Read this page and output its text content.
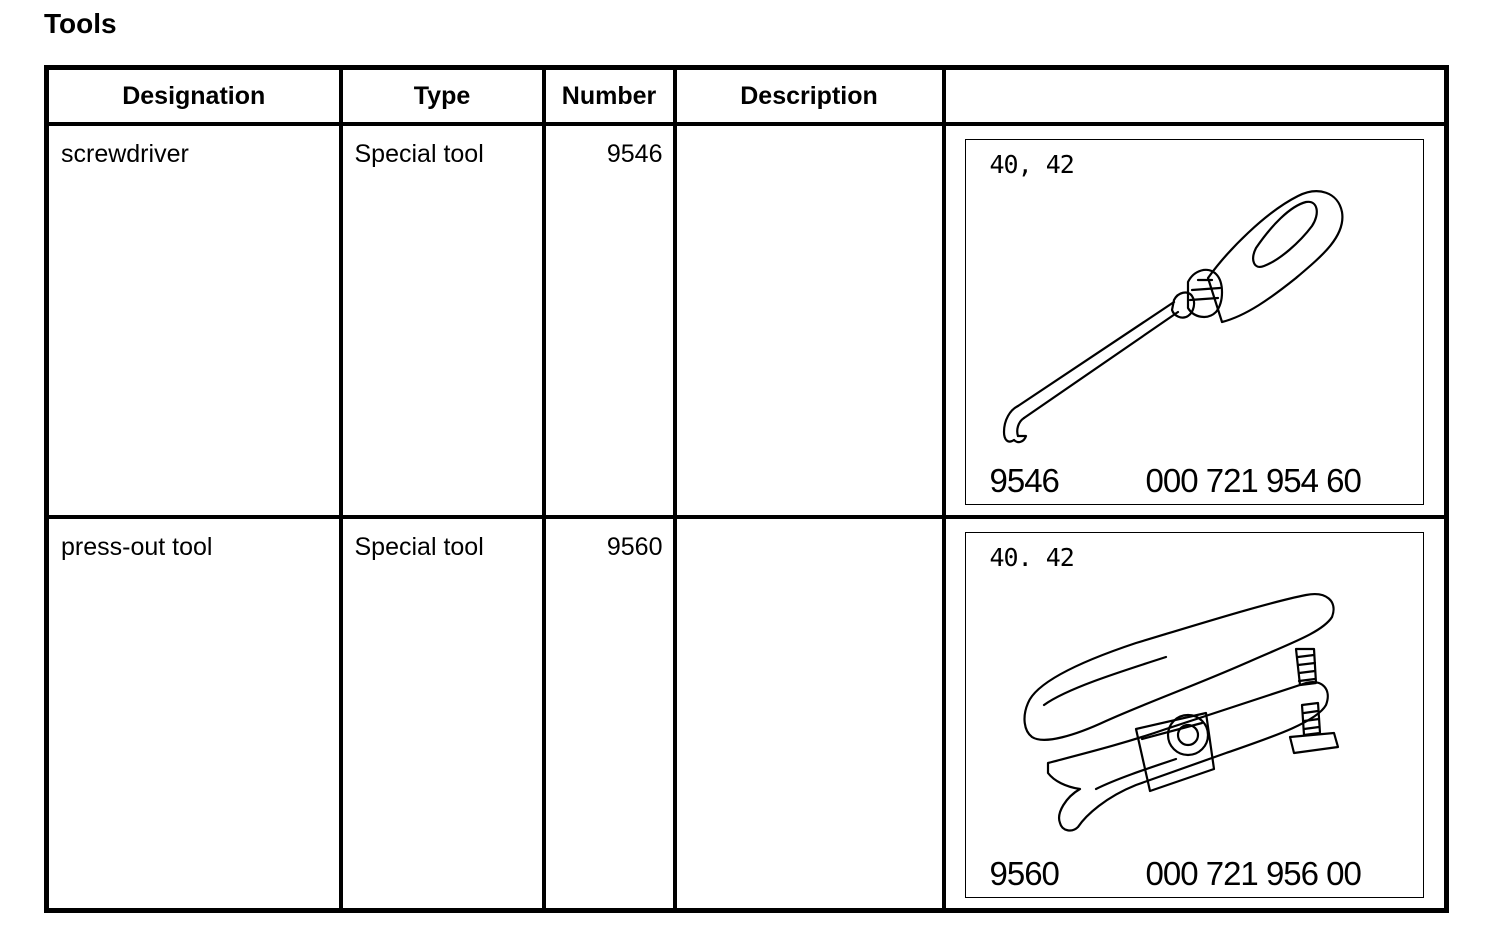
Tools
Designation	Type	Number	Description	

screwdriver	Special tool	9546		40, 42
9546 000 721 954 60

press-out tool	Special tool	9560		40. 42
9560 000 721 956 00
